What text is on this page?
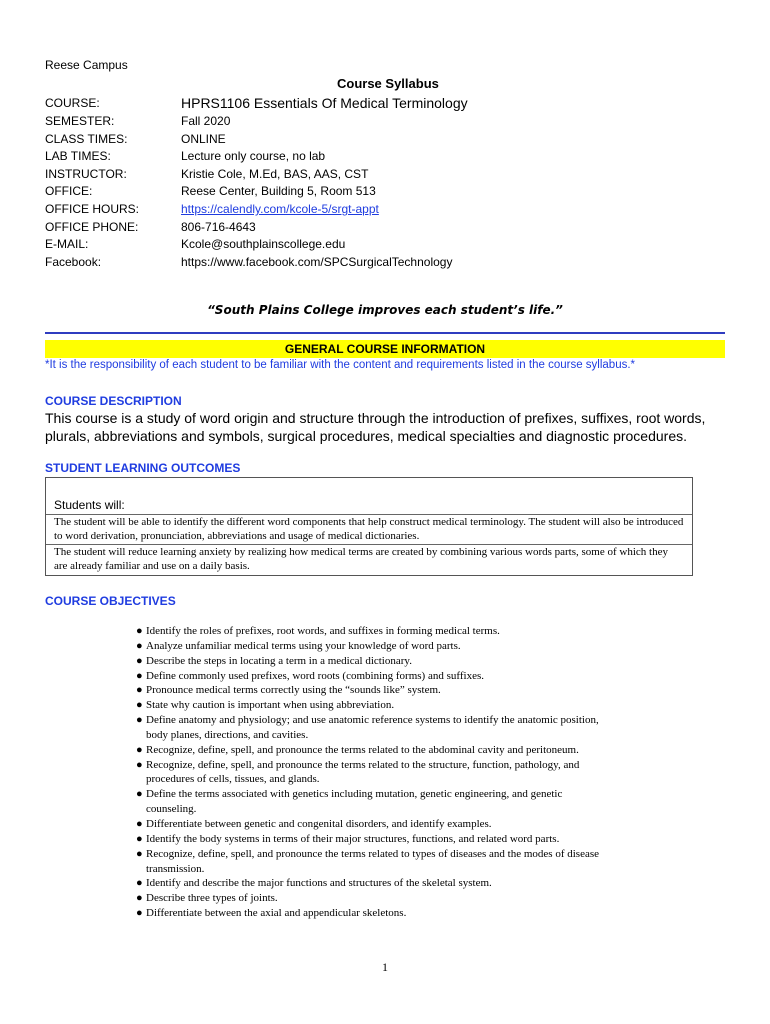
Reese Campus
Course Syllabus
COURSE:	HPRS1106 Essentials Of Medical Terminology
SEMESTER:	Fall 2020
CLASS TIMES:	ONLINE
LAB TIMES:	Lecture only course, no lab
INSTRUCTOR:	Kristie Cole, M.Ed, BAS, AAS, CST
OFFICE:	Reese Center, Building 5, Room 513
OFFICE HOURS:	https://calendly.com/kcole-5/srgt-appt
OFFICE PHONE:	806-716-4643
E-MAIL:	Kcole@southplainscollege.edu
Facebook:	https://www.facebook.com/SPCSurgicalTechnology
“South Plains College improves each student’s life.”
GENERAL COURSE INFORMATION
*It is the responsibility of each student to be familiar with the content and requirements listed in the course syllabus.*
COURSE DESCRIPTION
This course is a study of word origin and structure through the introduction of prefixes, suffixes, root words, plurals, abbreviations and symbols, surgical procedures, medical specialties and diagnostic procedures.
STUDENT LEARNING OUTCOMES
Students will:
The student will be able to identify the different word components that help construct medical terminology. The student will also be introduced to word derivation, pronunciation, abbreviations and usage of medical dictionaries.
The student will reduce learning anxiety by realizing how medical terms are created by combining various words parts, some of which they are already familiar and use on a daily basis.
COURSE OBJECTIVES
● Identify the roles of prefixes, root words, and suffixes in forming medical terms.
● Analyze unfamiliar medical terms using your knowledge of word parts.
● Describe the steps in locating a term in a medical dictionary.
● Define commonly used prefixes, word roots (combining forms) and suffixes.
● Pronounce medical terms correctly using the “sounds like” system.
● State why caution is important when using abbreviation.
● Define anatomy and physiology; and use anatomic reference systems to identify the anatomic position, body planes, directions, and cavities.
● Recognize, define, spell, and pronounce the terms related to the abdominal cavity and peritoneum.
● Recognize, define, spell, and pronounce the terms related to the structure, function, pathology, and procedures of cells, tissues, and glands.
● Define the terms associated with genetics including mutation, genetic engineering, and genetic counseling.
● Differentiate between genetic and congenital disorders, and identify examples.
● Identify the body systems in terms of their major structures, functions, and related word parts.
● Recognize, define, spell, and pronounce the terms related to types of diseases and the modes of disease transmission.
● Identify and describe the major functions and structures of the skeletal system.
● Describe three types of joints.
● Differentiate between the axial and appendicular skeletons.
1
